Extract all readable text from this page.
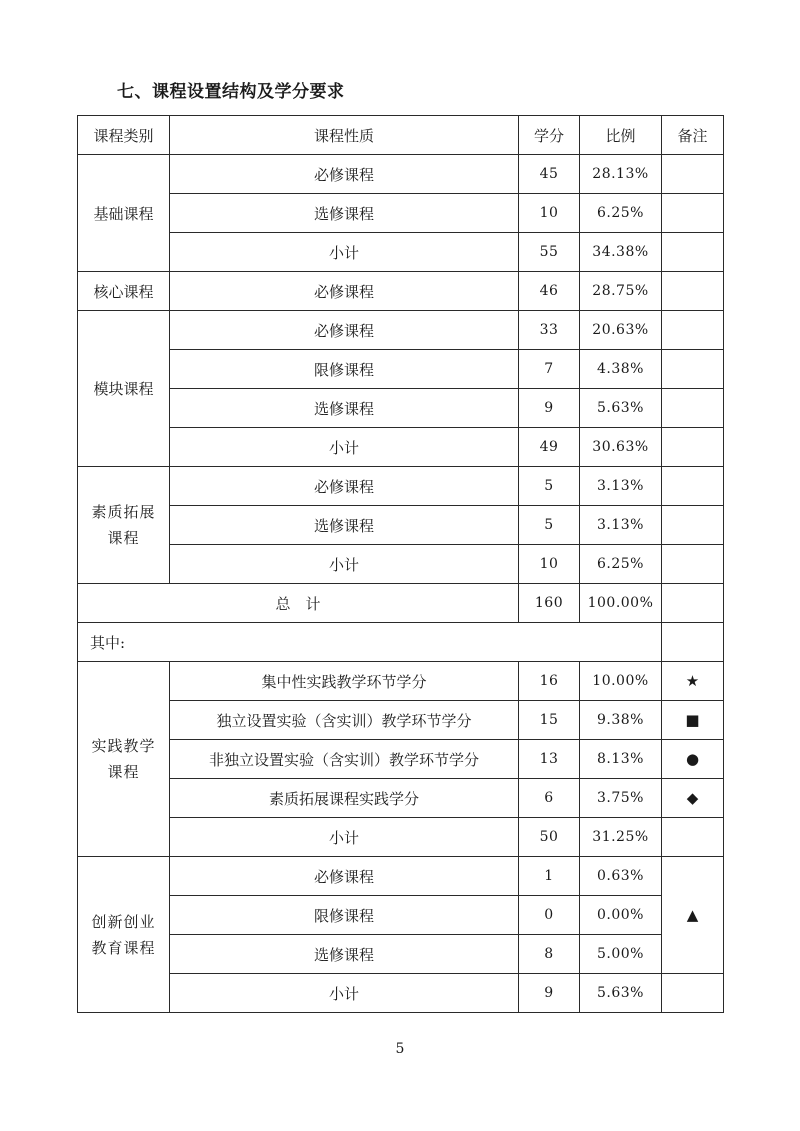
七、课程设置结构及学分要求
课程类别	课程性质	学分	比例	备注
基础课程	必修课程	45	28.13%	
	选修课程	10	6.25%	
	小计	55	34.38%	
核心课程	必修课程	46	28.75%	
模块课程	必修课程	33	20.63%	
	限修课程	7	4.38%	
	选修课程	9	5.63%	
	小计	49	30.63%	
素质拓展课程	必修课程	5	3.13%	
	选修课程	5	3.13%	
	小计	10	6.25%	
总　计		160	100.00%	
其中:				
实践教学课程	集中性实践教学环节学分	16	10.00%	★
	独立设置实验（含实训）教学环节学分	15	9.38%	■
	非独立设置实验（含实训）教学环节学分	13	8.13%	●
	素质拓展课程实践学分	6	3.75%	◆
	小计	50	31.25%	
创新创业教育课程	必修课程	1	0.63%	▲
	限修课程	0	0.00%	
	选修课程	8	5.00%	
	小计	9	5.63%	
5
